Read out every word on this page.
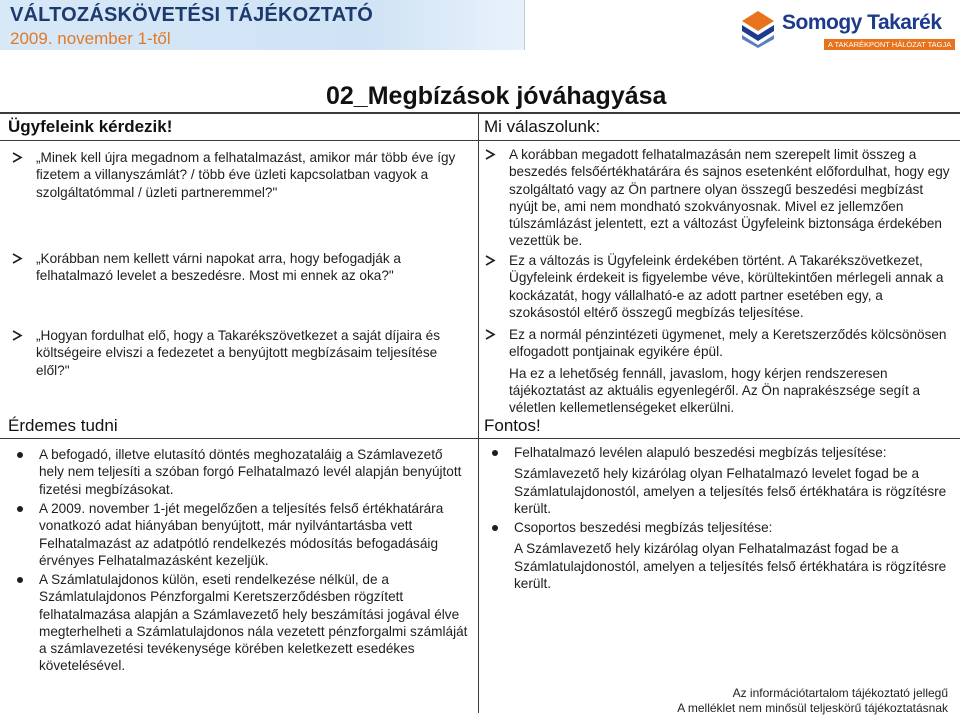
VÁLTOZÁSKÖVETÉSI TÁJÉKOZTATÓ
2009. november 1-től
Somogy Takarék
A TAKARÉKPONT HÁLÓZAT TAGJA
02_Megbízások jóváhagyása
Ügyfeleink kérdezik!	Mi válaszolunk:

„Minek kell újra megadnom a felhatalmazást, amikor már több éve így fizetem a villanyszámlát? / több éve üzleti kapcsolatban vagyok a szolgáltatómmal / üzleti partneremmel?"

„Korábban nem kellett várni napokat arra, hogy befogadják a felhatalmazó levelet a beszedésre. Most mi ennek az oka?"

„Hogyan fordulhat elő, hogy a Takarékszövetkezet a saját díjaira és költségeire elviszi a fedezetet a benyújtott megbízásaim teljesítése elől?"

Érdemes tudni

A befogadó, illetve elutasító döntés meghozataláig a Számlavezető hely nem teljesíti a szóban forgó Felhatalmazó levél alapján benyújtott fizetési megbízásokat.

A 2009. november 1-jét megelőzően a teljesítés felső értékhatárára vonatkozó adat hiányában benyújtott, már nyilvántartásba vett Felhatalmazást az adatpótló rendelkezés módosítás befogadásáig érvényes Felhatalmazásként kezeljük.

A Számlatulajdonos külön, eseti rendelkezése nélkül, de a Számlatulajdonos Pénzforgalmi Keretszerződésben rögzített felhatalmazása alapján a Számlavezető hely beszámítási jogával élve megterhelheti a Számlatulajdonos nála vezetett pénzforgalmi számláját a számlavezetési tevékenysége körében keletkezett esedékes követelésével.

A korábban megadott felhatalmazásán nem szerepelt limit összeg a beszedés felsőértékhatárára és sajnos esetenként előfordulhat, hogy egy szolgáltató vagy az Ön partnere olyan összegű beszedési megbízást nyújt be, ami nem mondható szokványosnak. Mivel ez jellemzően túlszámlázást jelentett, ezt a változást Ügyfeleink biztonsága érdekében vezettük be.

Ez a változás is Ügyfeleink érdekében történt. A Takarékszövetkezet, Ügyfeleink érdekeit is figyelembe véve, körültekintően mérlegeli annak a kockázatát, hogy vállalható-e az adott partner esetében egy, a szokásostól eltérő összegű megbízás teljesítése.

Ez a normál pénzintézeti ügymenet, mely a Keretszerződés kölcsönösen elfogadott pontjainak egyikére épül.

Ha ez a lehetőség fennáll, javaslom, hogy kérjen rendszeresen tájékoztatást az aktuális egyenlegéről. Az Ön naprakészsége segít a véletlen kellemetlenségeket elkerülni.

Fontos!

Felhatalmazó levélen alapuló beszedési megbízás teljesítése:

Számlavezető hely kizárólag olyan Felhatalmazó levelet fogad be a Számlatulajdonostól, amelyen a teljesítés felső értékhatára is rögzítésre került.

Csoportos beszedési megbízás teljesítése:

A Számlavezető hely kizárólag olyan Felhatalmazást fogad be a Számlatulajdonostól, amelyen a teljesítés felső értékhatára is rögzítésre került.

Az információtartalom tájékoztató jellegű
A melléklet nem minősül teljeskörű tájékoztatásnak
